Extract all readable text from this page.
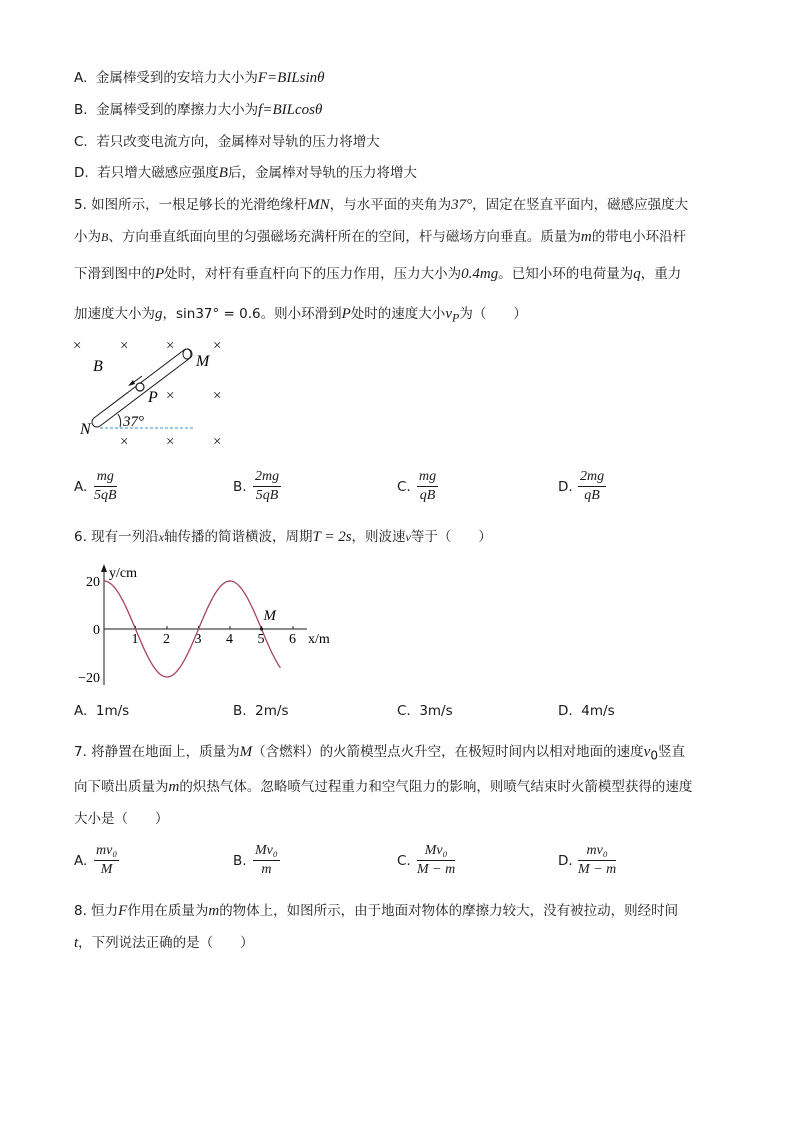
A. 金属棒受到的安培力大小为F=BILsinθ
B. 金属棒受到的摩擦力大小为f=BILcosθ
C. 若只改变电流方向，金属棒对导轨的压力将增大
D. 若只增大磁感应强度B后，金属棒对导轨的压力将增大
5. 如图所示，一根足够长的光滑绝缘杆MN，与水平面的夹角为37°，固定在竖直平面内，磁感应强度大
小为B、方向垂直纸面向里的匀强磁场充满杆所在的空间，杆与磁场方向垂直。质量为m的带电小环沿杆
下滑到图中的P处时，对杆有垂直杆向下的压力作用，压力大小为0.4mg。已知小环的电荷量为q，重力
加速度大小为g，sin37° = 0.6。则小环滑到P处时的速度大小$v_P$为（　　）
×	×	×	×
×	×
×	×	×
37°
B	M
N
P
A. $\frac{mg}{5qB}$	B. $\frac{2mg}{5qB}$	C. $\frac{mg}{qB}$	D. $\frac{2mg}{qB}$
6. 现有一列沿x轴传播的简谐横波，周期T = 2s，则波速v等于（　　）
y/cm
x/m
1 2 3 4 5 6
20
0
−20
M
A. 1m/s	B. 2m/s	C. 3m/s	D. 4m/s
7. 将静置在地面上，质量为M（含燃料）的火箭模型点火升空，在极短时间内以相对地面的速度$v_0$竖直
向下喷出质量为m的炽热气体。忽略喷气过程重力和空气阻力的影响，则喷气结束时火箭模型获得的速度
大小是（　　）
A. $\frac{\text{mv₀}}{M}$	B. $\frac{\text{Mv₀}}{m}$	C. $\frac{\text{Mv₀}}{M - m}$	D. $\frac{\text{mv₀}}{M - m}$
8. 恒力F作用在质量为m的物体上，如图所示，由于地面对物体的摩擦力较大，没有被拉动，则经时间
t，下列说法正确的是（　　）
